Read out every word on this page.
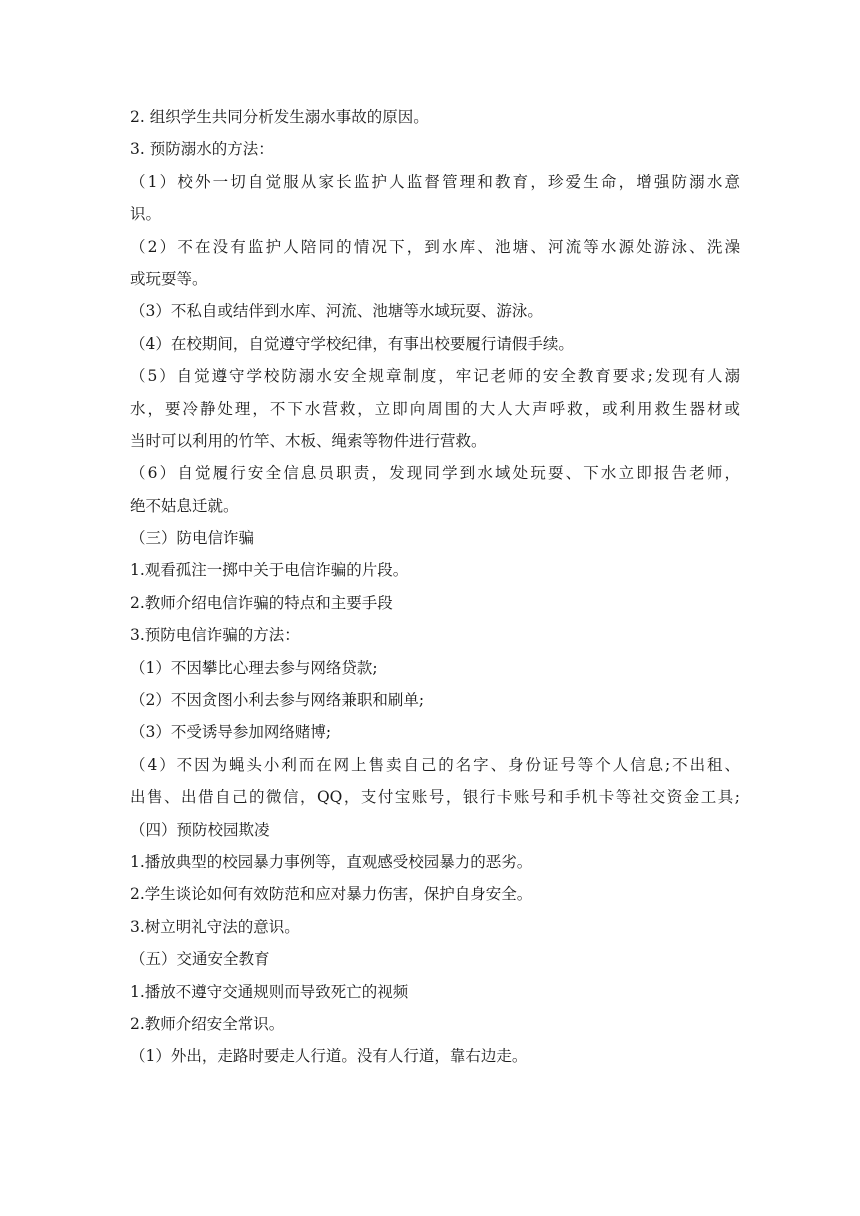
2. 组织学生共同分析发生溺水事故的原因。
3. 预防溺水的方法：
（1）校外一切自觉服从家长监护人监督管理和教育，珍爱生命，增强防溺水意
识。
（2）不在没有监护人陪同的情况下，到水库、池塘、河流等水源处游泳、洗澡
或玩耍等。
（3）不私自或结伴到水库、河流、池塘等水域玩耍、游泳。
（4）在校期间，自觉遵守学校纪律，有事出校要履行请假手续。
（5）自觉遵守学校防溺水安全规章制度，牢记老师的安全教育要求;发现有人溺
水，要冷静处理，不下水营救，立即向周围的大人大声呼救，或利用救生器材或
当时可以利用的竹竿、木板、绳索等物件进行营救。
（6）自觉履行安全信息员职责，发现同学到水域处玩耍、下水立即报告老师，
绝不姑息迁就。
（三）防电信诈骗
1.观看孤注一掷中关于电信诈骗的片段。
2.教师介绍电信诈骗的特点和主要手段
3.预防电信诈骗的方法：
（1）不因攀比心理去参与网络贷款;
（2）不因贪图小利去参与网络兼职和刷单;
（3）不受诱导参加网络赌博;
（4）不因为蝇头小利而在网上售卖自己的名字、身份证号等个人信息;不出租、
出售、出借自己的微信，QQ，支付宝账号，银行卡账号和手机卡等社交资金工具;
（四）预防校园欺凌
1.播放典型的校园暴力事例等，直观感受校园暴力的恶劣。
2.学生谈论如何有效防范和应对暴力伤害，保护自身安全。
3.树立明礼守法的意识。
（五）交通安全教育
1.播放不遵守交通规则而导致死亡的视频
2.教师介绍安全常识。
（1）外出，走路时要走人行道。没有人行道，靠右边走。
